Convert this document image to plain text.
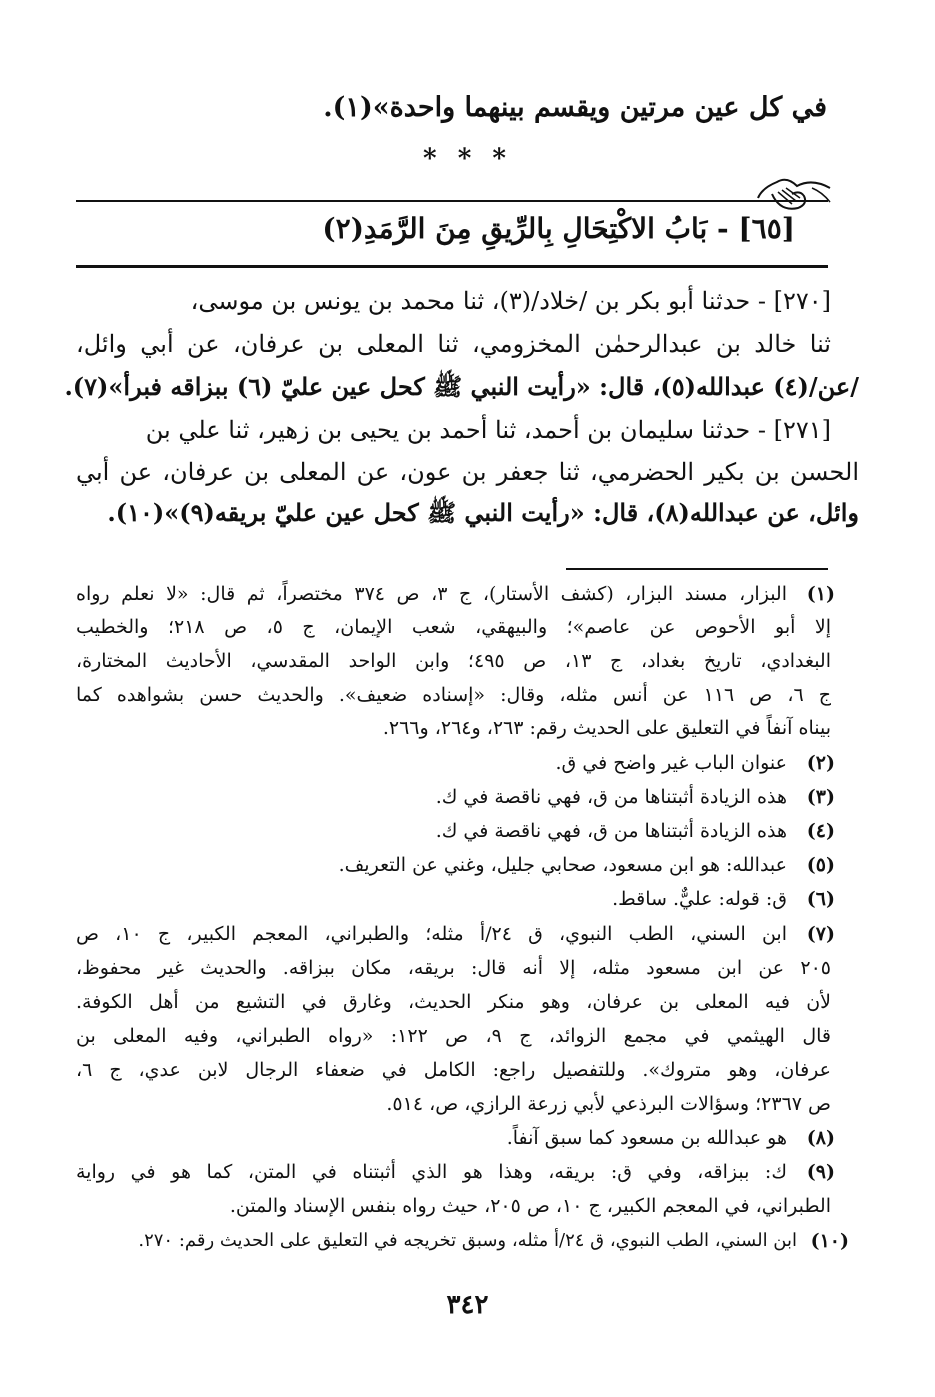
في كل عين مرتين ويقسم بينهما واحدة»(١).
* * *
[٦٥] - بَابُ الاكْتِحَالِ بِالرِّيقِ مِنَ الرَّمَدِ(٢)
[٢٧٠] - حدثنا أبو بكر بن /خلاد/(٣)، ثنا محمد بن يونس بن موسى،
ثنا خالد بن عبدالرحمٰن المخزومي، ثنا المعلى بن عرفان، عن أبي وائل،
/عن/(٤) عبدالله(٥)، قال: «رأيت النبي ﷺ كحل عين عليّ (٦) ببزاقه فبرأ»(٧).
[٢٧١] - حدثنا سليمان بن أحمد، ثنا أحمد بن يحيى بن زهير، ثنا علي بن
الحسن بن بكير الحضرمي، ثنا جعفر بن عون، عن المعلى بن عرفان، عن أبي
وائل، عن عبدالله(٨)، قال: «رأيت النبي ﷺ كحل عين عليّ بريقه(٩)»(١٠).
(١)
البزار، مسند البزار، (كشف الأستار)، ج ٣، ص ٣٧٤ مختصراً، ثم قال: «لا نعلم رواه
إلا أبو الأحوص عن عاصم»؛ والبيهقي، شعب الإيمان، ج ٥، ص ٢١٨؛ والخطيب
البغدادي، تاريخ بغداد، ج ١٣، ص ٤٩٥؛ وابن الواحد المقدسي، الأحاديث المختارة،
ج ٦، ص ١١٦ عن أنس مثله، وقال: «إسناده ضعيف». والحديث حسن بشواهده كما
بيناه آنفاً في التعليق على الحديث رقم: ٢٦٣، و٢٦٤، و٢٦٦.
(٢)
عنوان الباب غير واضح في ق.
(٣)
هذه الزيادة أثبتناها من ق، فهي ناقصة في ك.
(٤)
هذه الزيادة أثبتناها من ق، فهي ناقصة في ك.
(٥)
عبدالله: هو ابن مسعود، صحابي جليل، وغني عن التعريف.
(٦)
ق: قوله: عليٌّ. ساقط.
(٧)
ابن السني، الطب النبوي، ق ٢٤/أ مثله؛ والطبراني، المعجم الكبير، ج ١٠، ص
٢٠٥ عن ابن مسعود مثله، إلا أنه قال: بريقه، مكان ببزاقه. والحديث غير محفوظ،
لأن فيه المعلى بن عرفان، وهو منكر الحديث، وغارق في التشيع من أهل الكوفة.
قال الهيثمي في مجمع الزوائد، ج ٩، ص ١٢٢: «رواه الطبراني، وفيه المعلى بن
عرفان، وهو متروك». وللتفصيل راجع: الكامل في ضعفاء الرجال لابن عدي، ج ٦،
ص ٢٣٦٧؛ وسؤالات البرذعي لأبي زرعة الرازي، ص، ٥١٤.
(٨)
هو عبدالله بن مسعود كما سبق آنفاً.
(٩)
ك: ببزاقه، وفي ق: بريقه، وهذا هو الذي أثبتناه في المتن، كما هو في رواية
الطبراني، في المعجم الكبير، ج ١٠، ص ٢٠٥، حيث رواه بنفس الإسناد والمتن.
(١٠)
ابن السني، الطب النبوي، ق ٢٤/أ مثله، وسبق تخريجه في التعليق على الحديث رقم: ٢٧٠.
٣٤٢
